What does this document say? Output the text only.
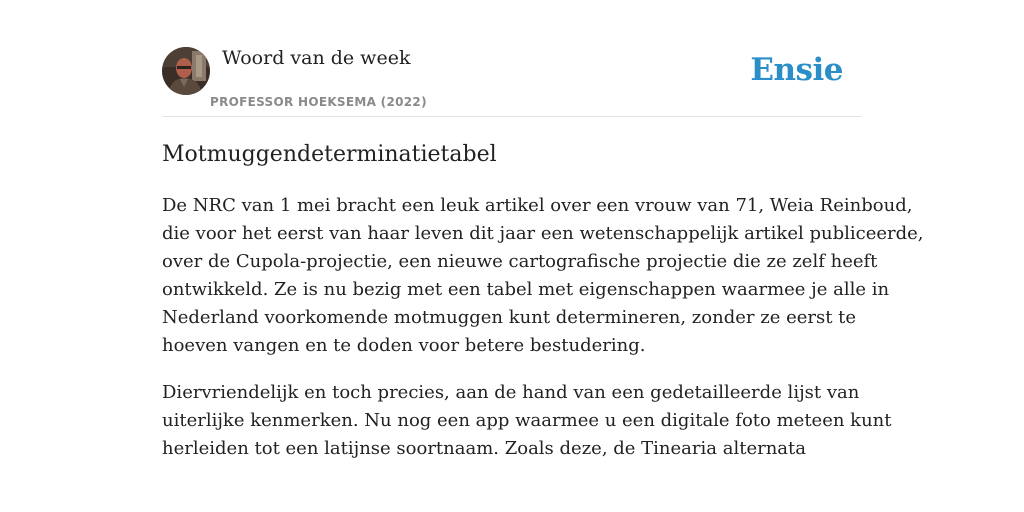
Woord van de week
PROFESSOR HOEKSEMA (2022)
Ensie
Motmuggendeterminatietabel

De NRC van 1 mei bracht een leuk artikel over een vrouw van 71, Weia Reinboud,
die voor het eerst van haar leven dit jaar een wetenschappelijk artikel publiceerde,
over de Cupola-projectie, een nieuwe cartografische projectie die ze zelf heeft
ontwikkeld. Ze is nu bezig met een tabel met eigenschappen waarmee je alle in
Nederland voorkomende motmuggen kunt determineren, zonder ze eerst te
hoeven vangen en te doden voor betere bestudering.

Diervriendelijk en toch precies, aan de hand van een gedetailleerde lijst van
uiterlijke kenmerken. Nu nog een app waarmee u een digitale foto meteen kunt
herleiden tot een latijnse soortnaam. Zoals deze, de Tinearia alternata
